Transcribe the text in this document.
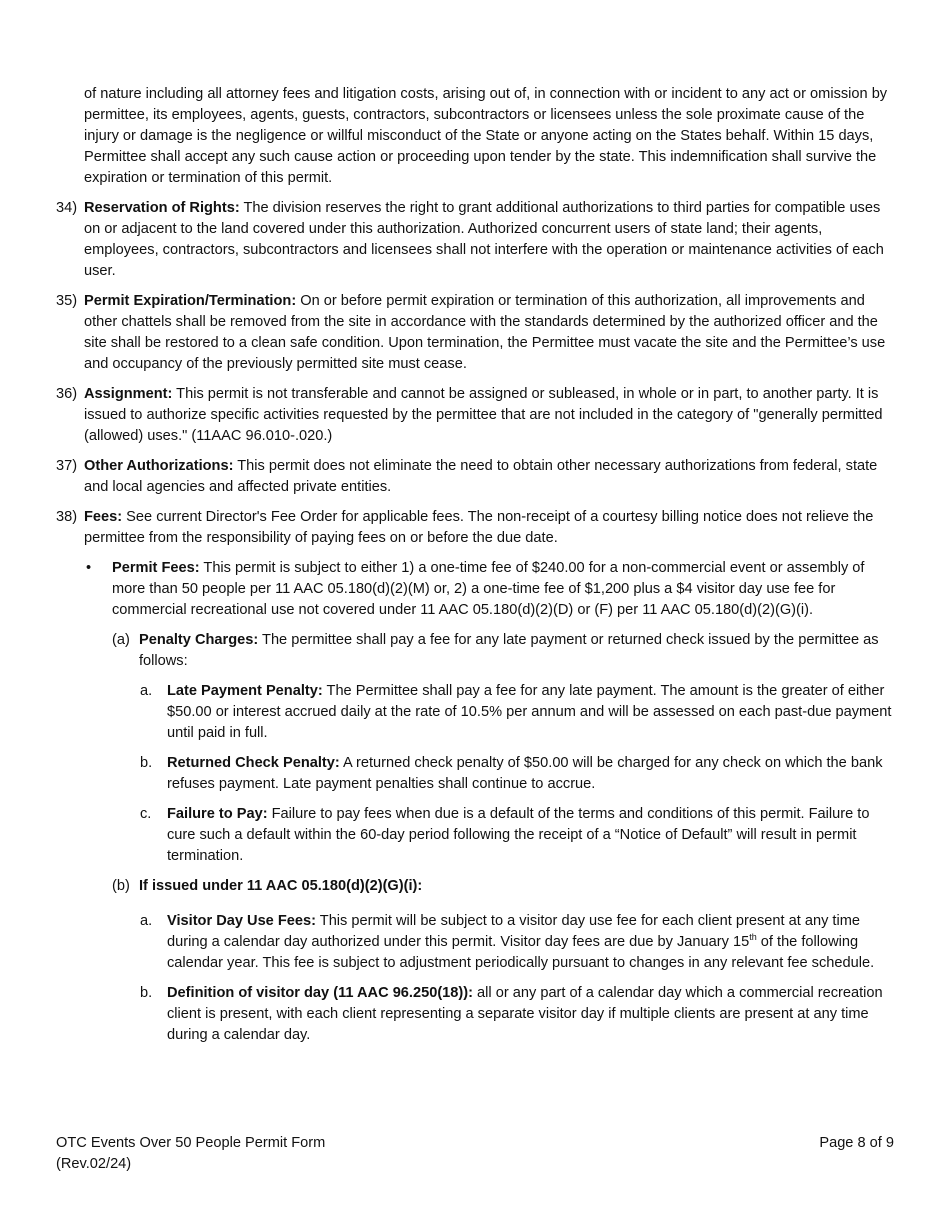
of nature including all attorney fees and litigation costs, arising out of, in connection with or incident to any act or omission by permittee, its employees, agents, guests, contractors, subcontractors or licensees unless the sole proximate cause of the injury or damage is the negligence or willful misconduct of the State or anyone acting on the States behalf. Within 15 days, Permittee shall accept any such cause action or proceeding upon tender by the state. This indemnification shall survive the expiration or termination of this permit.

34) Reservation of Rights: The division reserves the right to grant additional authorizations to third parties for compatible uses on or adjacent to the land covered under this authorization. Authorized concurrent users of state land; their agents, employees, contractors, subcontractors and licensees shall not interfere with the operation or maintenance activities of each user.
35) Permit Expiration/Termination: On or before permit expiration or termination of this authorization, all improvements and other chattels shall be removed from the site in accordance with the standards determined by the authorized officer and the site shall be restored to a clean safe condition. Upon termination, the Permittee must vacate the site and the Permittee’s use and occupancy of the previously permitted site must cease.
36) Assignment: This permit is not transferable and cannot be assigned or subleased, in whole or in part, to another party. It is issued to authorize specific activities requested by the permittee that are not included in the category of "generally permitted (allowed) uses." (11AAC 96.010-.020.)
37) Other Authorizations: This permit does not eliminate the need to obtain other necessary authorizations from federal, state and local agencies and affected private entities.
38) Fees: See current Director's Fee Order for applicable fees. The non-receipt of a courtesy billing notice does not relieve the permittee from the responsibility of paying fees on or before the due date.
• Permit Fees: This permit is subject to either 1) a one-time fee of $240.00 for a non-commercial event or assembly of more than 50 people per 11 AAC 05.180(d)(2)(M) or, 2) a one-time fee of $1,200 plus a $4 visitor day use fee for commercial recreational use not covered under 11 AAC 05.180(d)(2)(D) or (F) per 11 AAC 05.180(d)(2)(G)(i).
(a) Penalty Charges: The permittee shall pay a fee for any late payment or returned check issued by the permittee as follows:
a. Late Payment Penalty: The Permittee shall pay a fee for any late payment. The amount is the greater of either $50.00 or interest accrued daily at the rate of 10.5% per annum and will be assessed on each past-due payment until paid in full.
b. Returned Check Penalty: A returned check penalty of $50.00 will be charged for any check on which the bank refuses payment. Late payment penalties shall continue to accrue.
c. Failure to Pay: Failure to pay fees when due is a default of the terms and conditions of this permit. Failure to cure such a default within the 60-day period following the receipt of a “Notice of Default” will result in permit termination.
(b) If issued under 11 AAC 05.180(d)(2)(G)(i):
a. Visitor Day Use Fees: This permit will be subject to a visitor day use fee for each client present at any time during a calendar day authorized under this permit. Visitor day fees are due by January 15th of the following calendar year. This fee is subject to adjustment periodically pursuant to changes in any relevant fee schedule.
b. Definition of visitor day (11 AAC 96.250(18)): all or any part of a calendar day which a commercial recreation client is present, with each client representing a separate visitor day if multiple clients are present at any time during a calendar day.
OTC Events Over 50 People Permit Form
(Rev.02/24)
Page 8 of 9
